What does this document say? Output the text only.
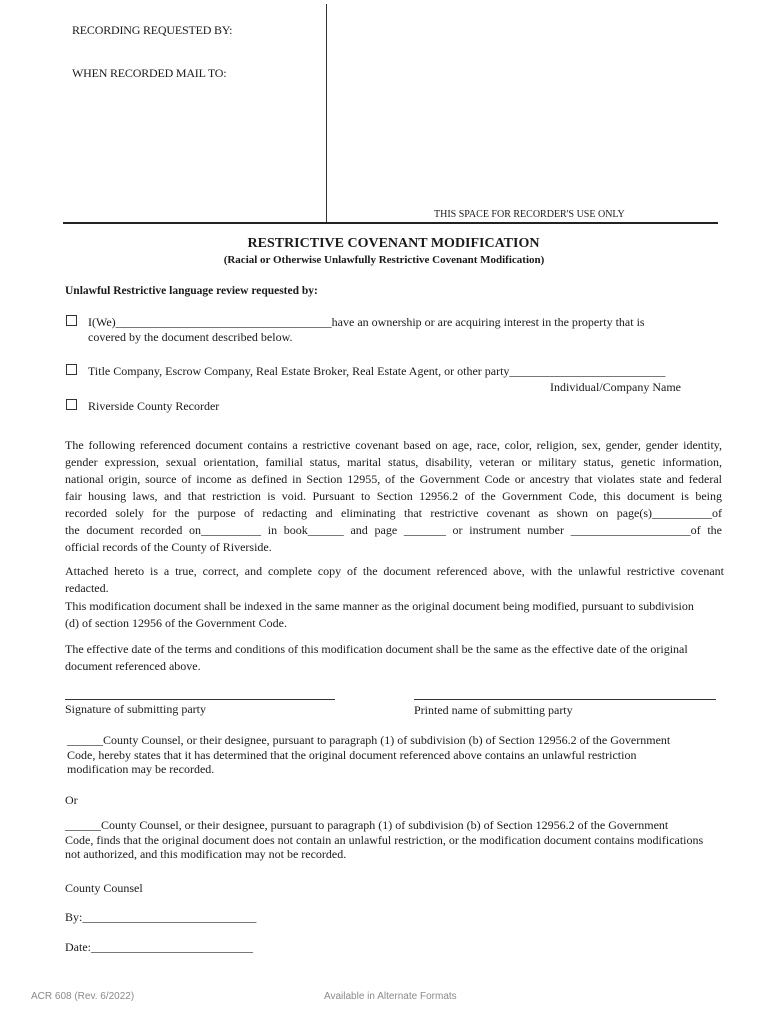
RECORDING REQUESTED BY:
WHEN RECORDED MAIL TO:
THIS SPACE FOR RECORDER'S USE ONLY
RESTRICTIVE COVENANT MODIFICATION
(Racial or Otherwise Unlawfully Restrictive Covenant Modification)
Unlawful Restrictive language review requested by:
I(We)____________________________________have an ownership or are acquiring interest in the property that is
covered by the document described below.
Title Company, Escrow Company, Real Estate Broker, Real Estate Agent, or other party__________________________
Individual/Company Name
Riverside County Recorder
The following referenced document contains a restrictive covenant based on age, race, color, religion, sex, gender, gender identity,
gender expression, sexual orientation, familial status, marital status, disability, veteran or military status, genetic information,
national origin, source of income as defined in Section 12955, of the Government Code or ancestry that violates state and federal
fair housing laws, and that restriction is void. Pursuant to Section 12956.2 of the Government Code, this document is being
recorded solely for the purpose of redacting and eliminating that restrictive covenant as shown on page(s)__________of
the document recorded on__________ in book______ and page _______ or instrument number ____________________of the
official records of the County of Riverside.
Attached hereto is a true, correct, and complete copy of the document referenced above, with the unlawful restrictive covenant
redacted.
This modification document shall be indexed in the same manner as the original document being modified, pursuant to subdivision
(d) of section 12956 of the Government Code.
The effective date of the terms and conditions of this modification document shall be the same as the effective date of the original
document referenced above.
Signature of submitting party	Printed name of submitting party
______County Counsel, or their designee, pursuant to paragraph (1) of subdivision (b) of Section 12956.2 of the Government
Code, hereby states that it has determined that the original document referenced above contains an unlawful restriction
modification may be recorded.
Or
______County Counsel, or their designee, pursuant to paragraph (1) of subdivision (b) of Section 12956.2 of the Government
Code, finds that the original document does not contain an unlawful restriction, or the modification document contains modifications
not authorized, and this modification may not be recorded.
County Counsel
By:_____________________________
Date:___________________________
ACR 608 (Rev. 6/2022)	Available in Alternate Formats
